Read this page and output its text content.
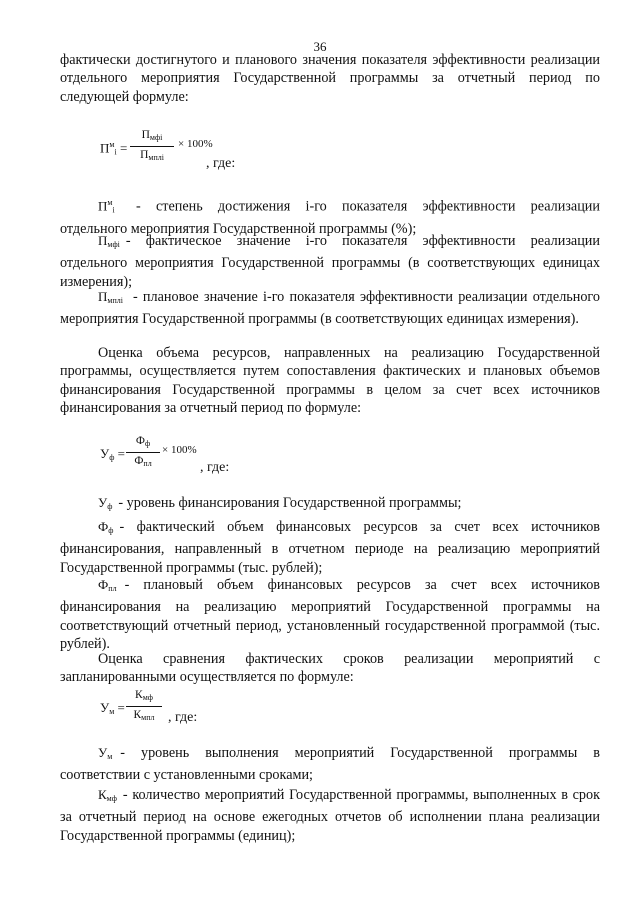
36
фактически достигнутого и планового значения показателя эффективности реализации отдельного мероприятия Государственной программы за отчетный период по следующей формуле:
$П^м_i$ =
$П_{мфi}$
$П_{мплi}$
× 100%
, где:
$П^м_i$ - степень достижения i-го показателя эффективности реализации отдельного мероприятия Государственной программы (%);
$П_{мфi}$ - фактическое значение i-го показателя эффективности реализации отдельного мероприятия Государственной программы (в соответствующих единицах измерения);
$П_{мплi}$ - плановое значение i-го показателя эффективности реализации отдельного мероприятия Государственной программы (в соответствующих единицах измерения).
Оценка объема ресурсов, направленных на реализацию Государственной программы, осуществляется путем сопоставления фактических и плановых объемов финансирования Государственной программы в целом за счет всех источников финансирования за отчетный период по формуле:
$У_ф$ =
$Ф_ф$
$Ф_{пл}$
× 100%
, где:
$У_ф$ - уровень финансирования Государственной программы;
$Ф_ф$ - фактический объем финансовых ресурсов за счет всех источников финансирования, направленный в отчетном периоде на реализацию мероприятий Государственной программы (тыс. рублей);
$Ф_{пл}$ - плановый объем финансовых ресурсов за счет всех источников финансирования на реализацию мероприятий Государственной программы на соответствующий отчетный период, установленный государственной программой (тыс. рублей).
Оценка сравнения фактических сроков реализации мероприятий с запланированными осуществляется по формуле:
$У_м$ =
$К_{мф}$
$К_{мпл}$ , где:
$У_м$ - уровень выполнения мероприятий Государственной программы в соответствии с установленными сроками;
$К_{мф}$ - количество мероприятий Государственной программы, выполненных в срок за отчетный период на основе ежегодных отчетов об исполнении плана реализации Государственной программы (единиц);
